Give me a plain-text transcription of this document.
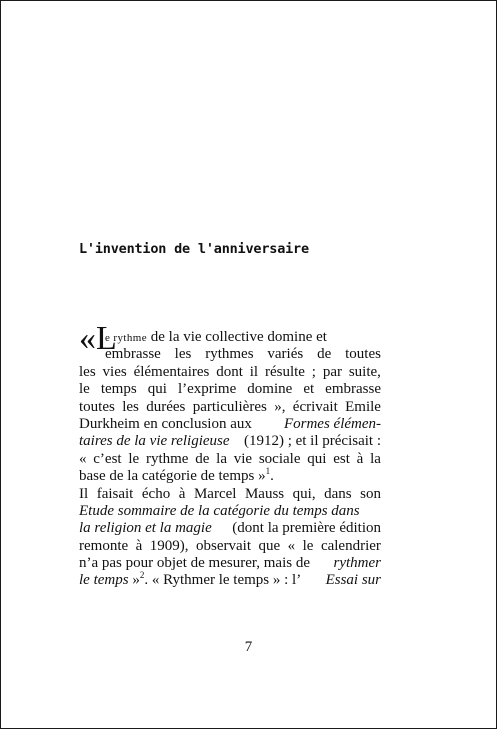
L'invention de l'anniversaire
«L
e rythme de la vie collective domine et
embrasse les rythmes variés de toutes
les vies élémentaires dont il résulte ; par suite,
le temps qui l’exprime domine et embrasse
toutes les durées particulières », écrivait Emile
Durkheim en conclusion aux Formes élémen-
taires de la vie religieuse (1912) ; et il précisait :
« c’est le rythme de la vie sociale qui est à la
base de la catégorie de temps »$^1$.
Il faisait écho à Marcel Mauss qui, dans son
Etude sommaire de la catégorie du temps dans
la religion et la magie (dont la première édition
remonte à 1909), observait que « le calendrier
n’a pas pour objet de mesurer, mais de rythmer
le temps »$^2$. « Rythmer le temps » : l’ Essai sur
7
